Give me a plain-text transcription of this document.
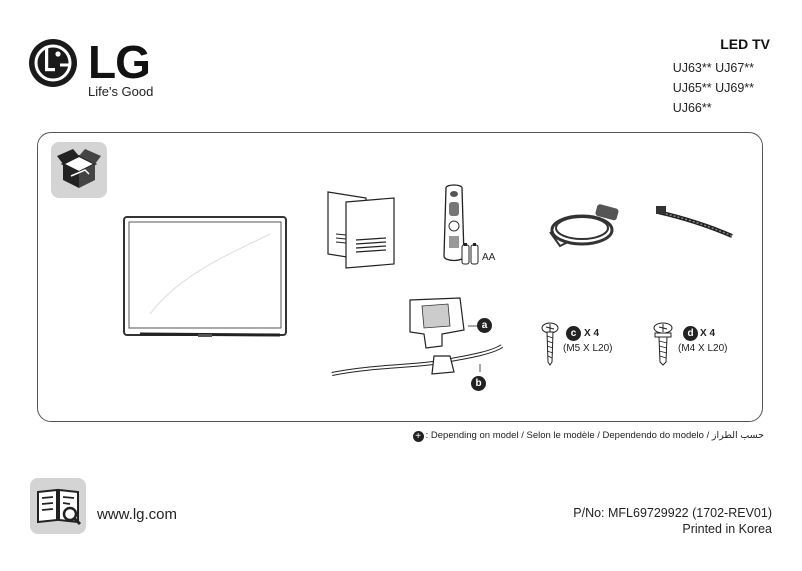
LG
Life's Good
LED TV
UJ63** UJ67**
UJ65** UJ69**
UJ66**
AA
a
b
c X 4
(M5 X L20)
d X 4
(M4 X L20)
+ : Depending on model / Selon le modèle / Dependendo do modelo / حسب الطراز
www.lg.com	P/No: MFL69729922 (1702-REV01)
Printed in Korea
